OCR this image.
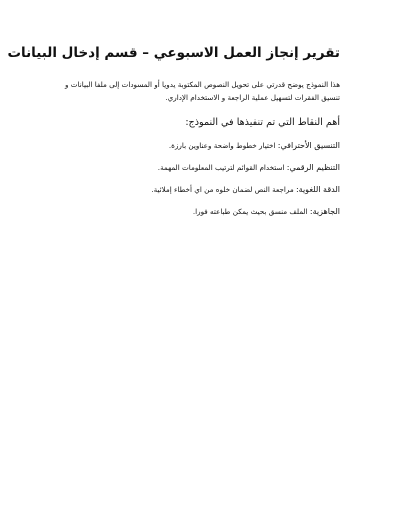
تقرير إنجاز العمل الاسبوعي – قسم إدخال البيانات

هذا النموذج يوضح قدرتي على تحويل النصوص المكتوبة يدويا أو المسودات إلى ملفا البيانات و تنسيق الفقرات لتسهيل عملية الراجعة و الاستخدام الإداري.

أهم النقاط التي تم تنفيذها في النموذج:

التنسيق الأحترافي: اختيار خطوط واضحة وعناوين بارزة.

التنظيم الرقمي: استخدام القوائم لترتيب المعلومات المهمة.

الدقة اللغوية: مراجعة النص لضمان خلوه من اي أخطاء إملائية.

الجاهزية: الملف منسق بحيث يمكن طباعته فورا.
